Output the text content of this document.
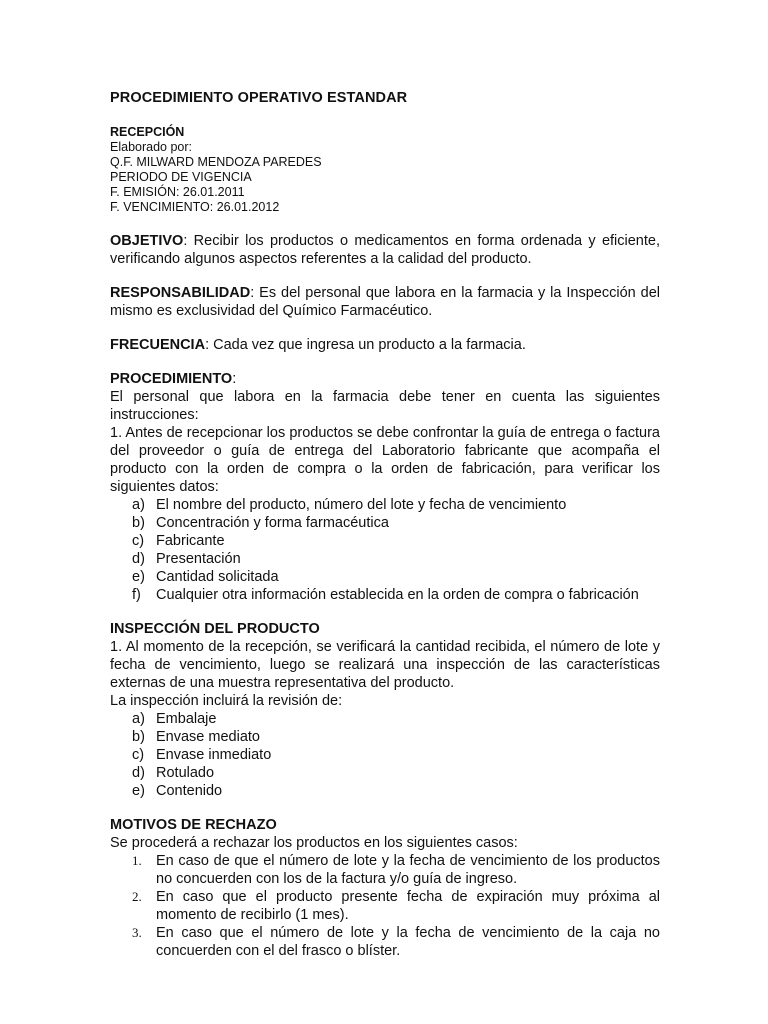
PROCEDIMIENTO OPERATIVO ESTANDAR

RECEPCIÓN
Elaborado por:
Q.F. MILWARD MENDOZA PAREDES
PERIODO DE VIGENCIA
F. EMISIÓN: 26.01.2011
F. VENCIMIENTO: 26.01.2012

OBJETIVO: Recibir los productos o medicamentos en forma ordenada y eficiente, verificando algunos aspectos referentes a la calidad del producto.

RESPONSABILIDAD: Es del personal que labora en la farmacia y la Inspección del mismo es exclusividad del Químico Farmacéutico.

FRECUENCIA: Cada vez que ingresa un producto a la farmacia.

PROCEDIMIENTO:

El personal que labora en la farmacia debe tener en cuenta las siguientes instrucciones:

1. Antes de recepcionar los productos se debe confrontar la guía de entrega o factura del proveedor o guía de entrega del Laboratorio fabricante que acompaña el producto con la orden de compra o la orden de fabricación, para verificar los siguientes datos:

a) El nombre del producto, número del lote y fecha de vencimiento
b) Concentración y forma farmacéutica
c) Fabricante
d) Presentación
e) Cantidad solicitada
f) Cualquier otra información establecida en la orden de compra o fabricación

INSPECCIÓN DEL PRODUCTO

1. Al momento de la recepción, se verificará la cantidad recibida, el número de lote y fecha de vencimiento, luego se realizará una inspección de las características externas de una muestra representativa del producto.

La inspección incluirá la revisión de:

a) Embalaje
b) Envase mediato
c) Envase inmediato
d) Rotulado
e) Contenido

MOTIVOS DE RECHAZO

Se procederá a rechazar los productos en los siguientes casos:

1. En caso de que el número de lote y la fecha de vencimiento de los productos no concuerden con los de la factura y/o guía de ingreso.
2. En caso que el producto presente fecha de expiración muy próxima al momento de recibirlo (1 mes).
3. En caso que el número de lote y la fecha de vencimiento de la caja no concuerden con el del frasco o blíster.
